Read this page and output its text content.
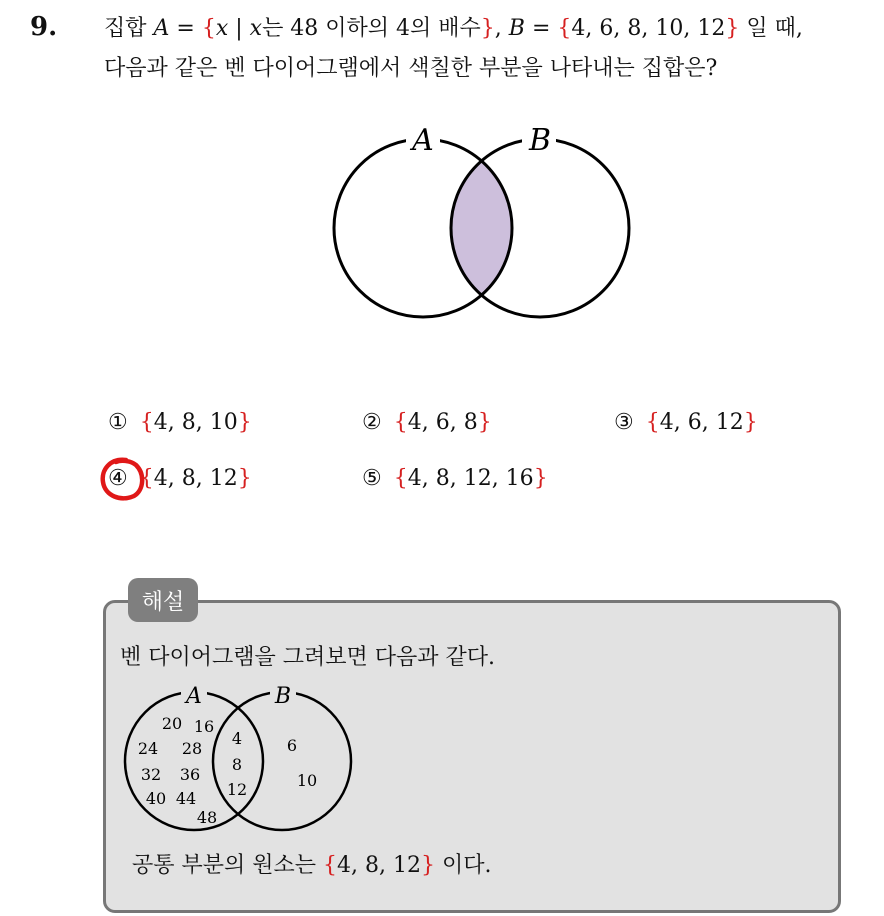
9. 집합 A = {x | x는 48 이하의 4의 배수}, B = {4, 6, 8, 10, 12} 일 때,
다음과 같은 벤 다이어그램에서 색칠한 부분을 나타내는 집합은?
A	B
① {4, 8, 10}	② {4, 6, 8}	③ {4, 6, 12}
④ {4, 8, 12}	⑤ {4, 8, 12, 16}
해설
벤 다이어그램을 그려보면 다음과 같다.
A	B
20 16
24 28
32 36
40 44
48
4
8
12
6
10
공통 부분의 원소는 {4, 8, 12} 이다.
